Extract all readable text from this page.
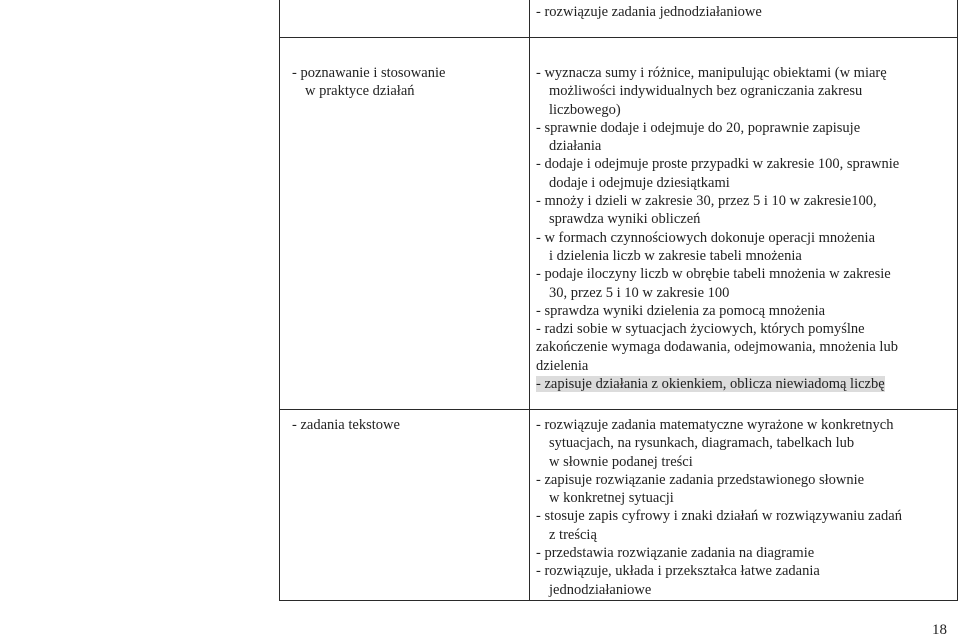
- rozwiązuje zadania jednodziałaniowe
- poznawanie i stosowanie
w praktyce działań
- wyznacza sumy i różnice, manipulując obiektami (w miarę
możliwości indywidualnych bez ograniczania zakresu
liczbowego)
- sprawnie dodaje i odejmuje do 20, poprawnie zapisuje
działania
- dodaje i odejmuje proste przypadki w zakresie 100, sprawnie
dodaje i odejmuje dziesiątkami
- mnoży i dzieli w zakresie 30, przez 5 i 10 w zakresie100,
sprawdza wyniki obliczeń
- w formach czynnościowych dokonuje operacji mnożenia
i dzielenia liczb w zakresie tabeli mnożenia
- podaje iloczyny liczb w obrębie tabeli mnożenia w zakresie
30, przez 5 i 10 w zakresie 100
- sprawdza wyniki dzielenia za pomocą mnożenia
- radzi sobie w sytuacjach życiowych, których pomyślne
zakończenie wymaga dodawania, odejmowania, mnożenia lub
dzielenia
- zapisuje działania z okienkiem, oblicza niewiadomą liczbę
- zadania tekstowe	- rozwiązuje zadania matematyczne wyrażone w konkretnych
sytuacjach, na rysunkach, diagramach, tabelkach lub
w słownie podanej treści
- zapisuje rozwiązanie zadania przedstawionego słownie
w konkretnej sytuacji
- stosuje zapis cyfrowy i znaki działań w rozwiązywaniu zadań
z treścią
- przedstawia rozwiązanie zadania na diagramie
- rozwiązuje, układa i przekształca łatwe zadania
jednodziałaniowe
18
